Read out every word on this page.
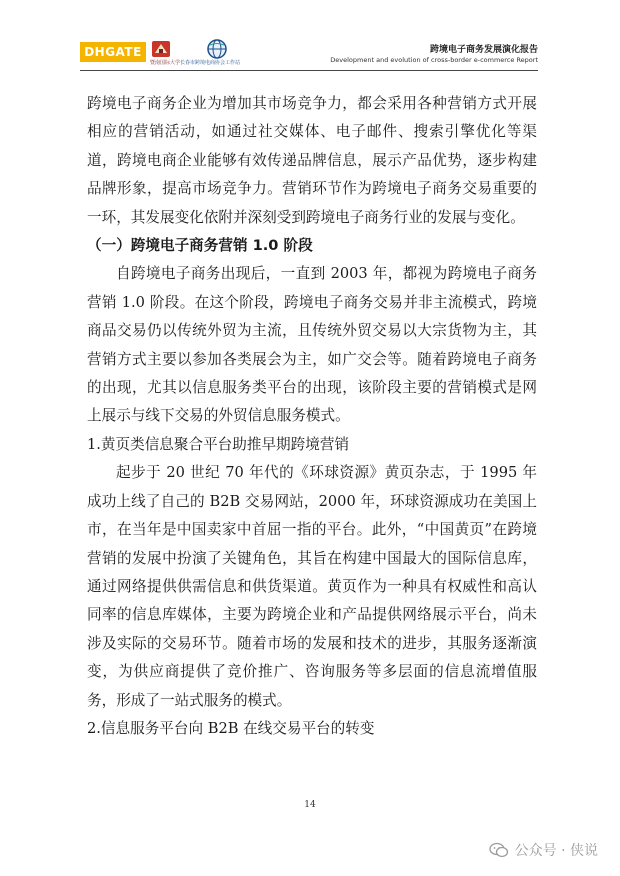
DHGATE
暨南国际大学 长春市跨境电商协会工作站
跨境电子商务发展演化报告
Development and evolution of cross-border e-commerce Report

跨境电子商务企业为增加其市场竞争力，都会采用各种营销方式开展相应的营销活动，如通过社交媒体、电子邮件、搜索引擎优化等渠道，跨境电商企业能够有效传递品牌信息，展示产品优势，逐步构建品牌形象，提高市场竞争力。营销环节作为跨境电子商务交易重要的一环，其发展变化依附并深刻受到跨境电子商务行业的发展与变化。

（一）跨境电子商务营销 1.0 阶段

自跨境电子商务出现后，一直到 2003 年，都视为跨境电子商务营销 1.0 阶段。在这个阶段，跨境电子商务交易并非主流模式，跨境商品交易仍以传统外贸为主流，且传统外贸交易以大宗货物为主，其营销方式主要以参加各类展会为主，如广交会等。随着跨境电子商务的出现，尤其以信息服务类平台的出现，该阶段主要的营销模式是网上展示与线下交易的外贸信息服务模式。

1.黄页类信息聚合平台助推早期跨境营销

起步于 20 世纪 70 年代的《环球资源》黄页杂志，于 1995 年成功上线了自己的 B2B 交易网站，2000 年，环球资源成功在美国上市，在当年是中国卖家中首屈一指的平台。此外，“中国黄页”在跨境营销的发展中扮演了关键角色，其旨在构建中国最大的国际信息库，通过网络提供供需信息和供货渠道。黄页作为一种具有权威性和高认同率的信息库媒体，主要为跨境企业和产品提供网络展示平台，尚未涉及实际的交易环节。随着市场的发展和技术的进步，其服务逐渐演变，为供应商提供了竞价推广、咨询服务等多层面的信息流增值服务，形成了一站式服务的模式。

2.信息服务平台向 B2B 在线交易平台的转变

14
公众号 · 侠说
